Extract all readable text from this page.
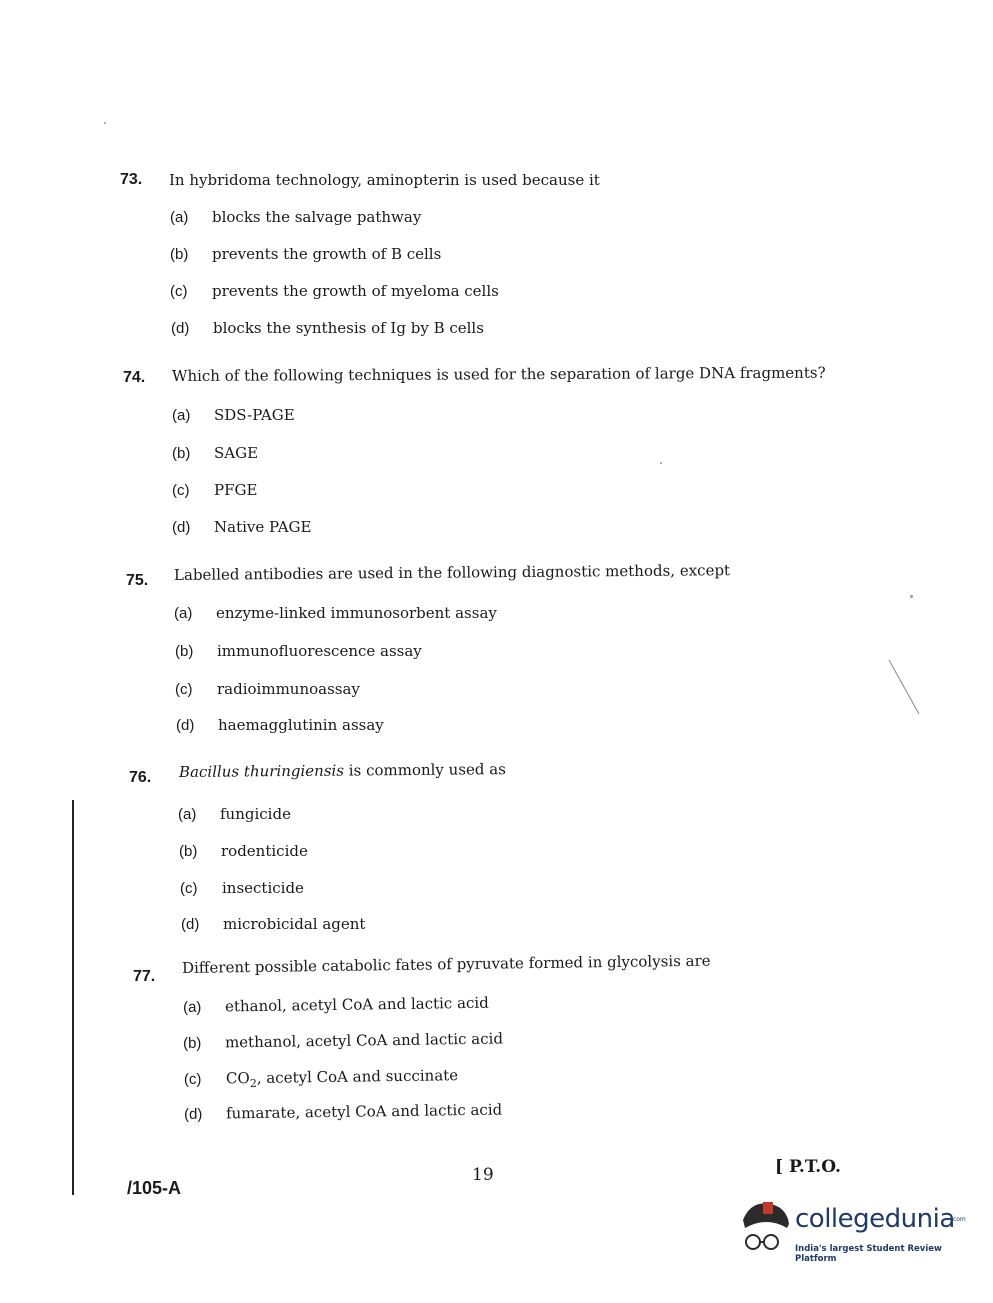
73. In hybridoma technology, aminopterin is used because it
(a) blocks the salvage pathway
(b) prevents the growth of B cells
(c) prevents the growth of myeloma cells
(d) blocks the synthesis of Ig by B cells
74. Which of the following techniques is used for the separation of large DNA fragments?
(a) SDS-PAGE
(b) SAGE
(c) PFGE
(d) Native PAGE
75. Labelled antibodies are used in the following diagnostic methods, except
(a) enzyme-linked immunosorbent assay
(b) immunofluorescence assay
(c) radioimmunoassay
(d) haemagglutinin assay
76. Bacillus thuringiensis is commonly used as
(a) fungicide
(b) rodenticide
(c) insecticide
(d) microbicidal agent
77. Different possible catabolic fates of pyruvate formed in glycolysis are
(a) ethanol, acetyl CoA and lactic acid
(b) methanol, acetyl CoA and lactic acid
(c) $CO_2$, acetyl CoA and succinate
(d) fumarate, acetyl CoA and lactic acid
/105-A
19	[ P.T.O.
collegedunia
.com
India's largest Student Review Platform
